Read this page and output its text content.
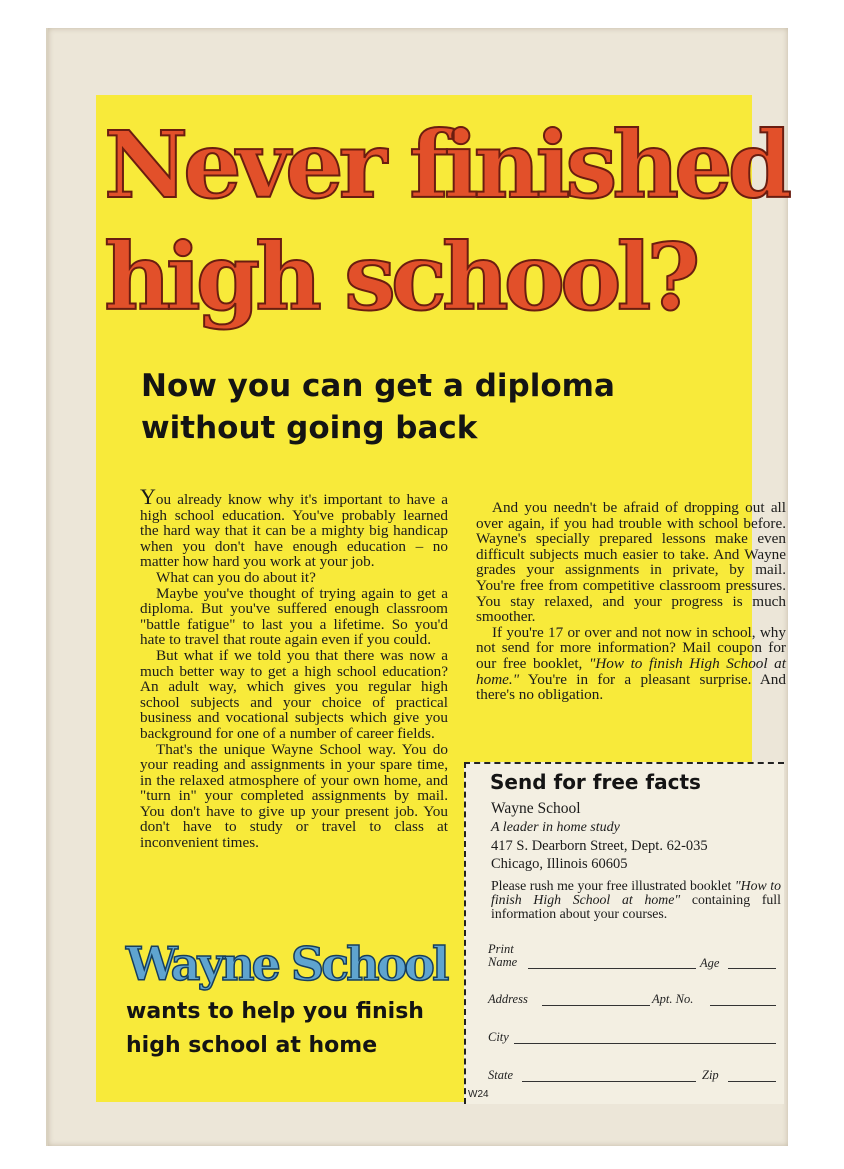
Never finished
high school?
Now you can get a diploma
without going back

You already know why it's important to have a high school education. You've probably learned the hard way that it can be a mighty big handicap when you don't have enough education – no matter how hard you work at your job.

What can you do about it?

Maybe you've thought of trying again to get a diploma. But you've suffered enough classroom "battle fatigue" to last you a lifetime. So you'd hate to travel that route again even if you could.

But what if we told you that there was now a much better way to get a high school education? An adult way, which gives you regular high school subjects and your choice of practical business and vocational subjects which give you background for one of a number of career fields.

That's the unique Wayne School way. You do your reading and assignments in your spare time, in the relaxed atmosphere of your own home, and "turn in" your completed assignments by mail. You don't have to give up your present job. You don't have to study or travel to class at inconvenient times.

And you needn't be afraid of dropping out all over again, if you had trouble with school before. Wayne's specially prepared lessons make even difficult subjects much easier to take. And Wayne grades your assignments in private, by mail. You're free from competitive classroom pressures. You stay relaxed, and your progress is much smoother.

If you're 17 or over and not now in school, why not send for more information? Mail coupon for our free booklet, "How to finish High School at home." You're in for a pleasant surprise. And there's no obligation.

Wayne School
wants to help you finish
high school at home
Send for free facts
Wayne School
A leader in home study
417 S. Dearborn Street, Dept. 62-035
Chicago, Illinois 60605
Please rush me your free illustrated booklet "How to finish High School at home" containing full information about your courses.
Print
Name	Age
Address	Apt. No.
City
State	Zip
W24
